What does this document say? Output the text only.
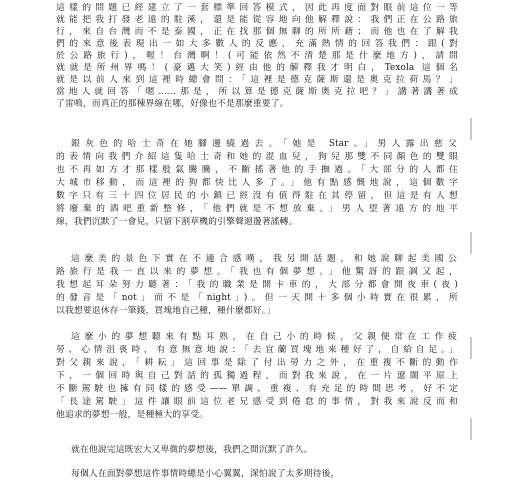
這樣的問題已經建立了一套標準回答模式，因此再度面對眼前這位一等
就能把我打發老遠的駐溪，還是能從容地向他解釋說：我們正在公路旅
行，來自台灣而不是泰國，正在找那個無聊的所所藉；而他也在了解我
們的來意後表現出一如大多數人的反應，充滿熱情的回答我們：跟(對
於公路旅行)，喔！台灣啊！(可能依然不清楚那是什麼地方)，請問
就就是所州界嗎！(豪邁大笑)經由他的解釋我才明白，Texola 這個名
就是以前人來到這裡時總會問：「這裡是德克薩斯還是奧克拉荷馬？」
當地人就回答「嗯……那是，所以算是德克薩斯奧克拉吧？」講著講著成
了雷鳴，而真正的那棟界線在哪，好像也不是那麼重要了。
銀灰色的哈士奇在她腳邊繞過去。「她是 Star。」男人露出慈父
的表情向我們介紹這隻哈士奇和她的混血兒，狗兒那雙不同顏色的雙眼
也不再如方才那樣般氣騰騰，不斷搖著他的手撫過。「大部分的人都住
大城市移動，而這裡的狗都快比人多了。」他有點感慨地說，這個數字
數字只有三十四位居民的小鎮已經沒有值得駐在其停留，但這是有人想
將廢棄的酒吧重新整修，「他們就是不想放棄。」男人望著遠方的地平
線，我們沉默了一會兒，只留下割草機的引擎聲迴盪著謠轉。
這麼美的景色下實在不適合感嘆，我另開話題，和她說聊起美國公
路旅行是我一直以來的夢想。「我也有個夢想。」他驚訝的跟調又起，
我想起耳朵努力聽著：「我的職業是開卡車的，大部分都會開夜車(夜)
的發音是「not」而不是「night」)。但一天開十多個小時實在很累，所
以我想要退休存一筆錢，買塊地自己種，種什麼都好。」
這麼小的夢想聽來有點耳熟，在自己小的時候，父親便常在工作疲
勞、心情沮喪時，有意無意地說：「去宜蘭買塊地來種好了，自給自足。」
對父親來說，「耕耘」這回事是除了付出勞力之外，在重複不斷的動作
下，一個回時與自己對話的孤獨過程，而對我來說，在一片遼闊平原上
不斷駕駛也擁有同樣的感受——單調、重複、有充足的時間思考，好不定
「長途駕駛」這件讓眼前這位老兄感受到倦怠的事情，對我來說反而和
他追求的夢想一般，是種極大的享受。
就在他說完這既宏大又卑微的夢想後，我們之間沉默了許久。
每個人在面對夢想這件事情時總是小心翼翼，深怕說了太多期待後，
